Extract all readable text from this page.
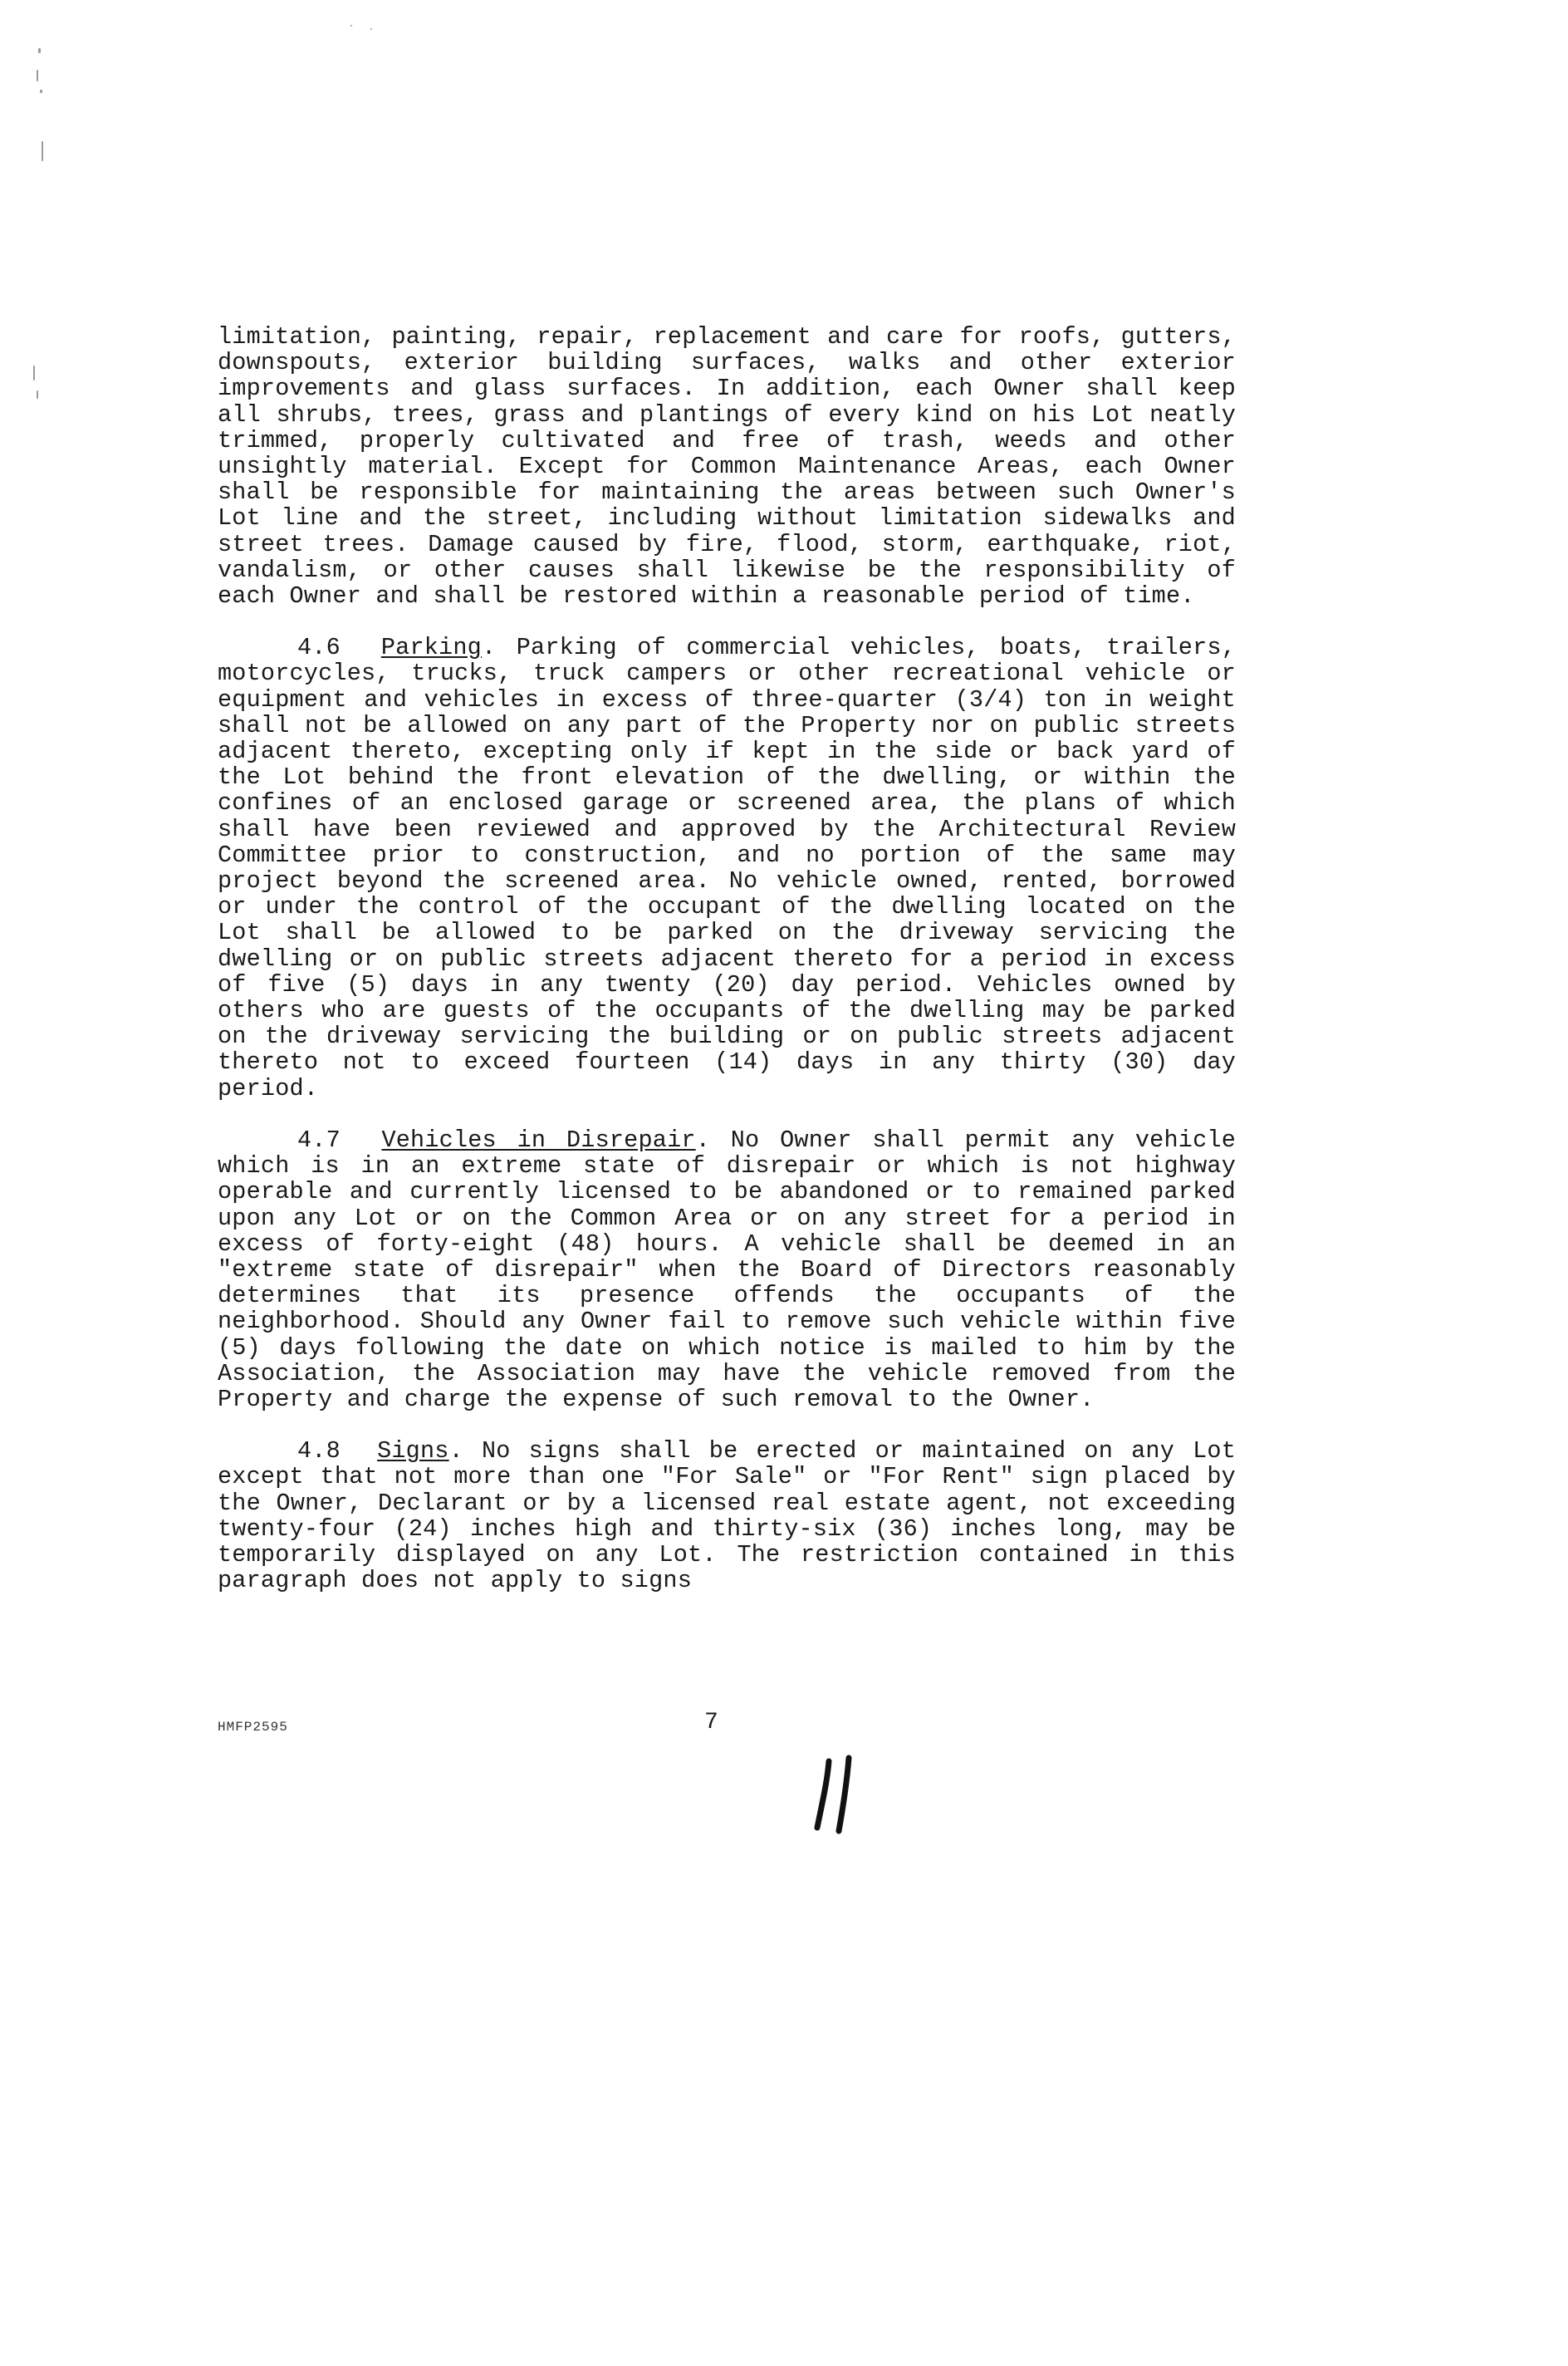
limitation, painting, repair, replacement and care for roofs, gutters, downspouts, exterior building surfaces, walks and other exterior improvements and glass surfaces. In addition, each Owner shall keep all shrubs, trees, grass and plantings of every kind on his Lot neatly trimmed, properly cultivated and free of trash, weeds and other unsightly material. Except for Common Maintenance Areas, each Owner shall be responsible for maintaining the areas between such Owner's Lot line and the street, including without limitation sidewalks and street trees. Damage caused by fire, flood, storm, earthquake, riot, vandalism, or other causes shall likewise be the responsibility of each Owner and shall be restored within a reasonable period of time.

4.6 Parking. Parking of commercial vehicles, boats, trailers, motorcycles, trucks, truck campers or other recreational vehicle or equipment and vehicles in excess of three-quarter (3/4) ton in weight shall not be allowed on any part of the Property nor on public streets adjacent thereto, excepting only if kept in the side or back yard of the Lot behind the front elevation of the dwelling, or within the confines of an enclosed garage or screened area, the plans of which shall have been reviewed and approved by the Architectural Review Committee prior to construction, and no portion of the same may project beyond the screened area. No vehicle owned, rented, borrowed or under the control of the occupant of the dwelling located on the Lot shall be allowed to be parked on the driveway servicing the dwelling or on public streets adjacent thereto for a period in excess of five (5) days in any twenty (20) day period. Vehicles owned by others who are guests of the occupants of the dwelling may be parked on the driveway servicing the building or on public streets adjacent thereto not to exceed fourteen (14) days in any thirty (30) day period.

4.7 Vehicles in Disrepair. No Owner shall permit any vehicle which is in an extreme state of disrepair or which is not highway operable and currently licensed to be abandoned or to remained parked upon any Lot or on the Common Area or on any street for a period in excess of forty-eight (48) hours. A vehicle shall be deemed in an "extreme state of disrepair" when the Board of Directors reasonably determines that its presence offends the occupants of the neighborhood. Should any Owner fail to remove such vehicle within five (5) days following the date on which notice is mailed to him by the Association, the Association may have the vehicle removed from the Property and charge the expense of such removal to the Owner.

4.8 Signs. No signs shall be erected or maintained on any Lot except that not more than one "For Sale" or "For Rent" sign placed by the Owner, Declarant or by a licensed real estate agent, not exceeding twenty-four (24) inches high and thirty-six (36) inches long, may be temporarily displayed on any Lot. The restriction contained in this paragraph does not apply to signs

HMFP2595	7
